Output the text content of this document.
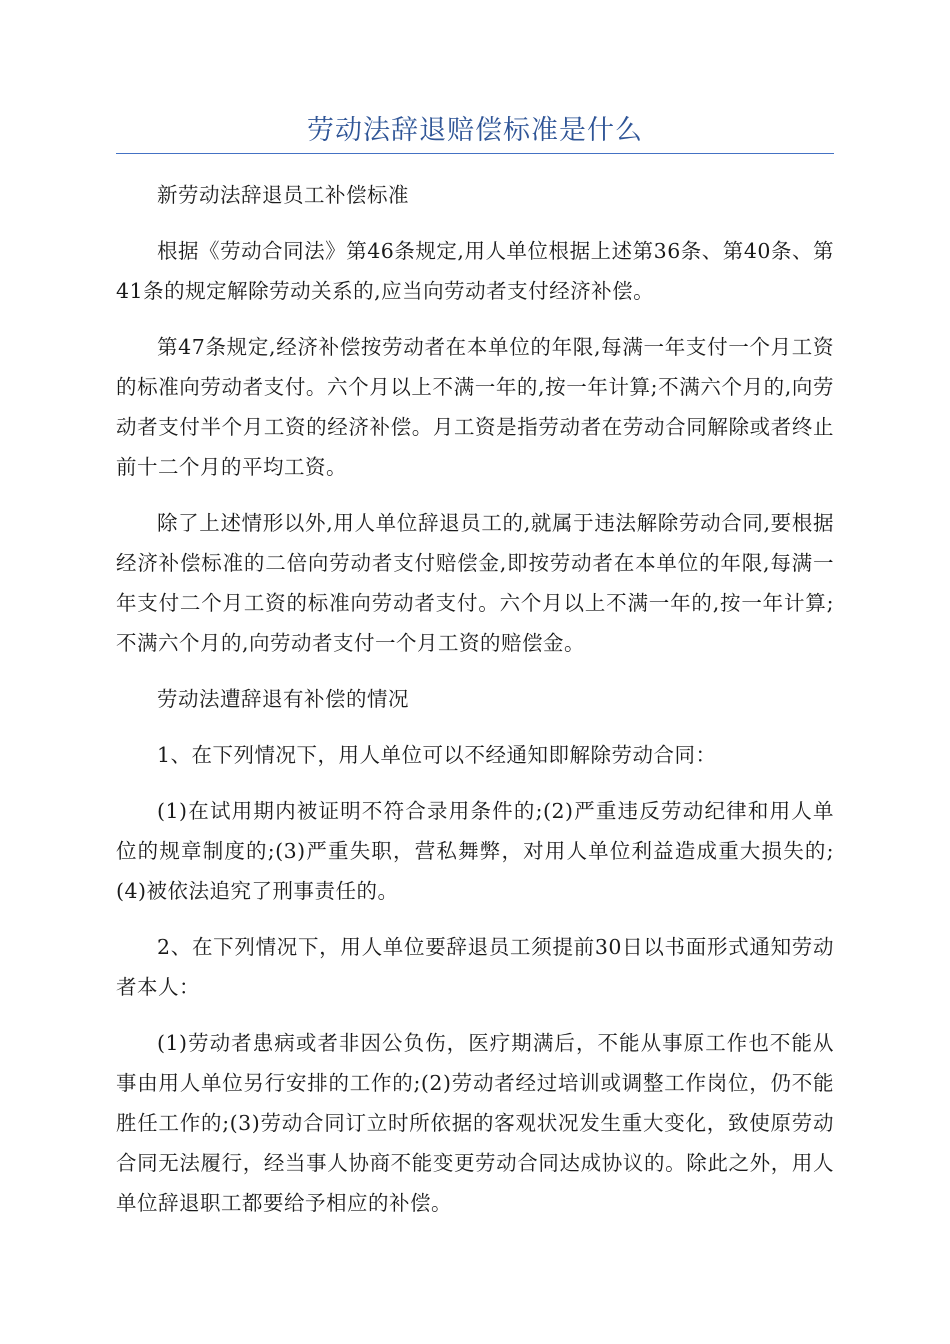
劳动法辞退赔偿标准是什么

新劳动法辞退员工补偿标准

根据《劳动合同法》第46条规定,用人单位根据上述第36条、第40条、第41条的规定解除劳动关系的,应当向劳动者支付经济补偿。

第47条规定,经济补偿按劳动者在本单位的年限,每满一年支付一个月工资的标准向劳动者支付。六个月以上不满一年的,按一年计算;不满六个月的,向劳动者支付半个月工资的经济补偿。月工资是指劳动者在劳动合同解除或者终止前十二个月的平均工资。

除了上述情形以外,用人单位辞退员工的,就属于违法解除劳动合同,要根据经济补偿标准的二倍向劳动者支付赔偿金,即按劳动者在本单位的年限,每满一年支付二个月工资的标准向劳动者支付。六个月以上不满一年的,按一年计算;不满六个月的,向劳动者支付一个月工资的赔偿金。

劳动法遭辞退有补偿的情况

1、在下列情况下，用人单位可以不经通知即解除劳动合同：

(1)在试用期内被证明不符合录用条件的;(2)严重违反劳动纪律和用人单位的规章制度的;(3)严重失职，营私舞弊，对用人单位利益造成重大损失的;(4)被依法追究了刑事责任的。

2、在下列情况下，用人单位要辞退员工须提前30日以书面形式通知劳动者本人：

(1)劳动者患病或者非因公负伤，医疗期满后，不能从事原工作也不能从事由用人单位另行安排的工作的;(2)劳动者经过培训或调整工作岗位，仍不能胜任工作的;(3)劳动合同订立时所依据的客观状况发生重大变化，致使原劳动合同无法履行，经当事人协商不能变更劳动合同达成协议的。除此之外，用人单位辞退职工都要给予相应的补偿。
